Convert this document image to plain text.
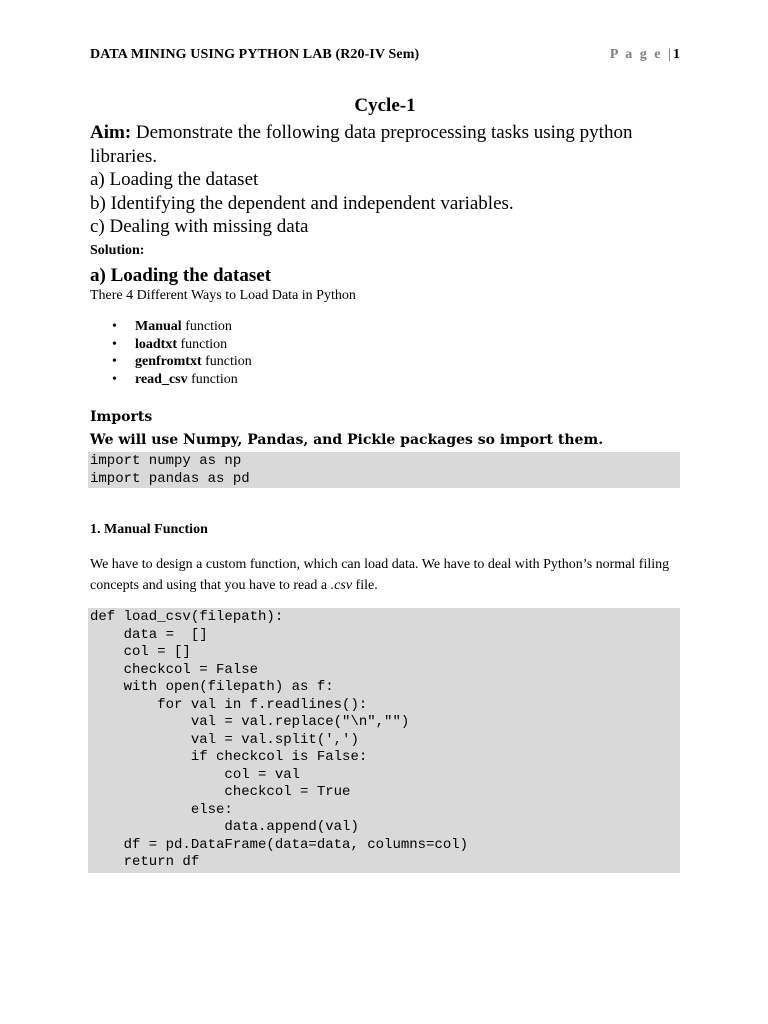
DATA MINING USING PYTHON LAB (R20-IV Sem)	P a g e |1
Cycle-1
Aim: Demonstrate the following data preprocessing tasks using python libraries.
a) Loading the dataset
b) Identifying the dependent and independent variables.
c) Dealing with missing data
Solution:
a) Loading the dataset
There 4 Different Ways to Load Data in Python
• Manual function
• loadtxt function
• genfromtxt function
• read_csv function
Imports
We will use Numpy, Pandas, and Pickle packages so import them.
import numpy as np
import pandas as pd
1. Manual Function
We have to design a custom function, which can load data. We have to deal with Python’s normal filing concepts and using that you have to read a .csv file.
def load_csv(filepath):
data =  []
col = []
checkcol = False
with open(filepath) as f:
for val in f.readlines():
val = val.replace("\n","")
val = val.split(',')
if checkcol is False:
col = val
checkcol = True
else:
data.append(val)
df = pd.DataFrame(data=data, columns=col)
return df
